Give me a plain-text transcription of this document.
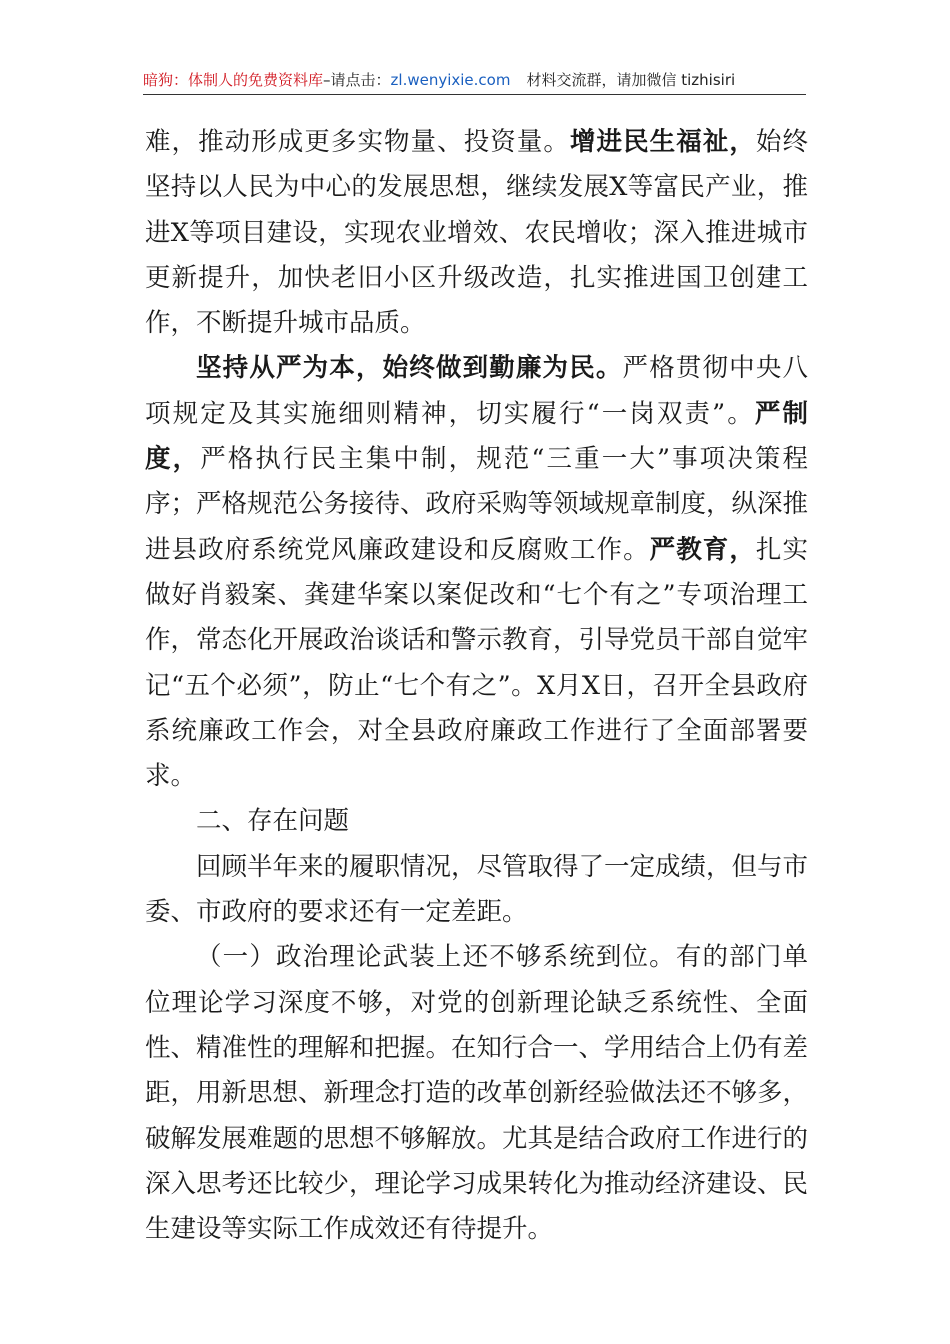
暗狗：体制人的免费资料库–请点击：zl.wenyixie.com 材料交流群，请加微信 tizhisiri

难，推动形成更多实物量、投资量。增进民生福祉，始终坚持以人民为中心的发展思想，继续发展X等富民产业，推进X等项目建设，实现农业增效、农民增收；深入推进城市更新提升，加快老旧小区升级改造，扎实推进国卫创建工作，不断提升城市品质。

坚持从严为本，始终做到勤廉为民。严格贯彻中央八项规定及其实施细则精神，切实履行“一岗双责”。严制度，严格执行民主集中制，规范“三重一大”事项决策程序；严格规范公务接待、政府采购等领域规章制度，纵深推进县政府系统党风廉政建设和反腐败工作。严教育，扎实做好肖毅案、龚建华案以案促改和“七个有之”专项治理工作，常态化开展政治谈话和警示教育，引导党员干部自觉牢记“五个必须”，防止“七个有之”。X月X日，召开全县政府系统廉政工作会，对全县政府廉政工作进行了全面部署要求。

二、存在问题

回顾半年来的履职情况，尽管取得了一定成绩，但与市委、市政府的要求还有一定差距。

（一）政治理论武装上还不够系统到位。有的部门单位理论学习深度不够，对党的创新理论缺乏系统性、全面性、精准性的理解和把握。在知行合一、学用结合上仍有差距，用新思想、新理念打造的改革创新经验做法还不够多，破解发展难题的思想不够解放。尤其是结合政府工作进行的深入思考还比较少，理论学习成果转化为推动经济建设、民生建设等实际工作成效还有待提升。
